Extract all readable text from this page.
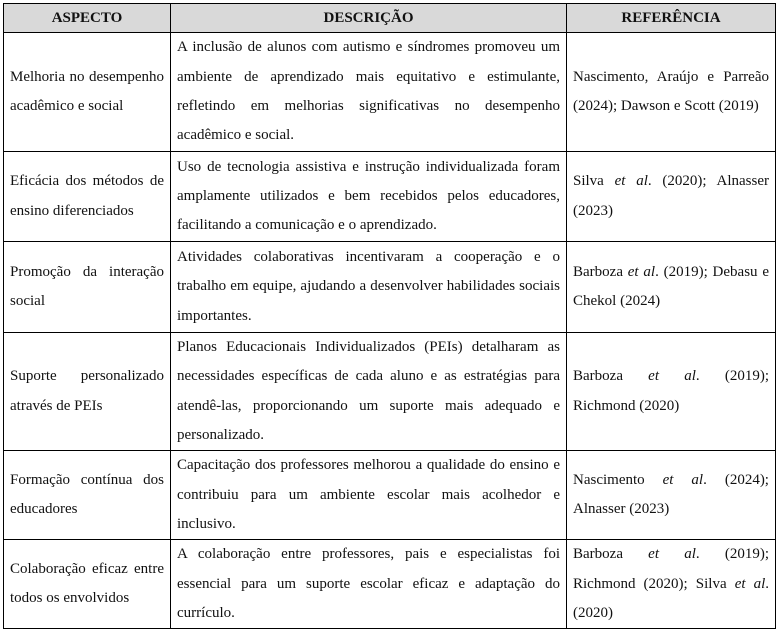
ASPECTO	DESCRIÇÃO	REFERÊNCIA
Melhoria no desempenho acadêmico e social	A inclusão de alunos com autismo e síndromes promoveu um ambiente de aprendizado mais equitativo e estimulante, refletindo em melhorias significativas no desempenho acadêmico e social.	Nascimento, Araújo e Parreão (2024); Dawson e Scott (2019)
Eficácia dos métodos de ensino diferenciados	Uso de tecnologia assistiva e instrução individualizada foram amplamente utilizados e bem recebidos pelos educadores, facilitando a comunicação e o aprendizado.	Silva et al. (2020); Alnasser (2023)
Promoção da interação social	Atividades colaborativas incentivaram a cooperação e o trabalho em equipe, ajudando a desenvolver habilidades sociais importantes.	Barboza et al. (2019); Debasu e Chekol (2024)
Suporte personalizado através de PEIs	Planos Educacionais Individualizados (PEIs) detalharam as necessidades específicas de cada aluno e as estratégias para atendê-las, proporcionando um suporte mais adequado e personalizado.	Barboza et al. (2019); Richmond (2020)
Formação contínua dos educadores	Capacitação dos professores melhorou a qualidade do ensino e contribuiu para um ambiente escolar mais acolhedor e inclusivo.	Nascimento et al. (2024); Alnasser (2023)
Colaboração eficaz entre todos os envolvidos	A colaboração entre professores, pais e especialistas foi essencial para um suporte escolar eficaz e adaptação do currículo.	Barboza et al. (2019); Richmond (2020); Silva et al. (2020)
